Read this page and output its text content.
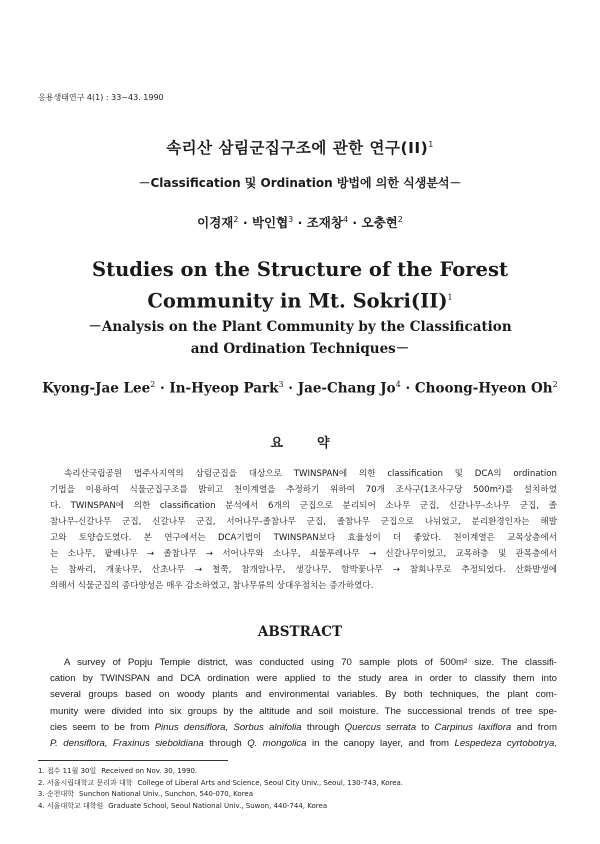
응용생태연구 4(1) : 33~43. 1990
속리산 삼림군집구조에 관한 연구(II)$^1$
－Classification 및 Ordination 방법에 의한 식생분석－
이경재$^2$ · 박인협$^3$ · 조재창$^4$ · 오충현$^2$
Studies on the Structure of the Forest
Community in Mt. Sokri(II)$^1$
－Analysis on the Plant Community by the Classification
and Ordination Techniques－
Kyong-Jae Lee$^2$ · In-Hyeop Park$^3$ · Jae-Chang $Jo^4$ · Choong-Hyeon Oh$^2$
요약
속리산국립공원 법주사지역의 삼림군집을 대상으로 TWINSPAN에 의한 classification 및 DCA의 ordination
기법을 이용하여 식물군집구조를 밝히고 천이계열을 추정하기 위하여 70개 조사구(1조사구당 500m²)를 설치하였
다. TWINSPAN에 의한 classification 분석에서 6개의 군집으로 분리되어 소나무 군집, 신갈나무-소나무 군집, 졸
참나무-신갈나무 군집, 신갈나무 군집, 서어나무-졸참나무 군집, 졸참나무 군집으로 나뉘었고, 분리환경인자는 해발
고와 토양습도였다. 본 연구에서는 DCA기법이 TWINSPAN보다 효율성이 더 좋았다. 천이계열은 교목상층에서
는 소나무, 팥배나무 → 졸참나무 → 서어나무와 소나무, 쇠물푸레나무 → 신갈나무이었고, 교목하층 및 관목층에서
는 참싸리, 개옻나무, 산초나무 → 철쭉, 참개암나무, 생강나무, 함박꽃나무 → 참회나무로 추정되었다. 산화발생에
의해서 식물군집의 종다양성은 매우 감소하였고, 참나무류의 상대우점치는 증가하였다.
ABSTRACT
A survey of Popju Temple district, was conducted using 70 sample plots of 500m² size. The classifi-
cation by TWINSPAN and DCA ordination were applied to the study area in order to classify them into
several groups based on woody plants and environmental variables. By both techniques, the plant com-
munity were divided into six groups by the altitude and soil moisture. The successional trends of tree spe-
cies seem to be from Pinus densiflora, Sorbus alnifolia through Quercus serrata to Carpinus laxiflora and from
P. densiflora, Fraxinus sieboldiana through Q. mongolica in the canopy layer, and from Lespedeza cyrtobotrya,
1. 접수 11월 30일 Received on Nov. 30, 1990.
2. 서울시립대학교 문리과 대학 College of Liberal Arts and Science, Seoul City Univ., Seoul, 130-743, Korea.
3. 순천대학 Sunchon National Univ., Sunchon, 540-070, Korea
4. 서울대학교 대학원 Graduate School, Seoul National Univ., Suwon, 440-744, Korea
